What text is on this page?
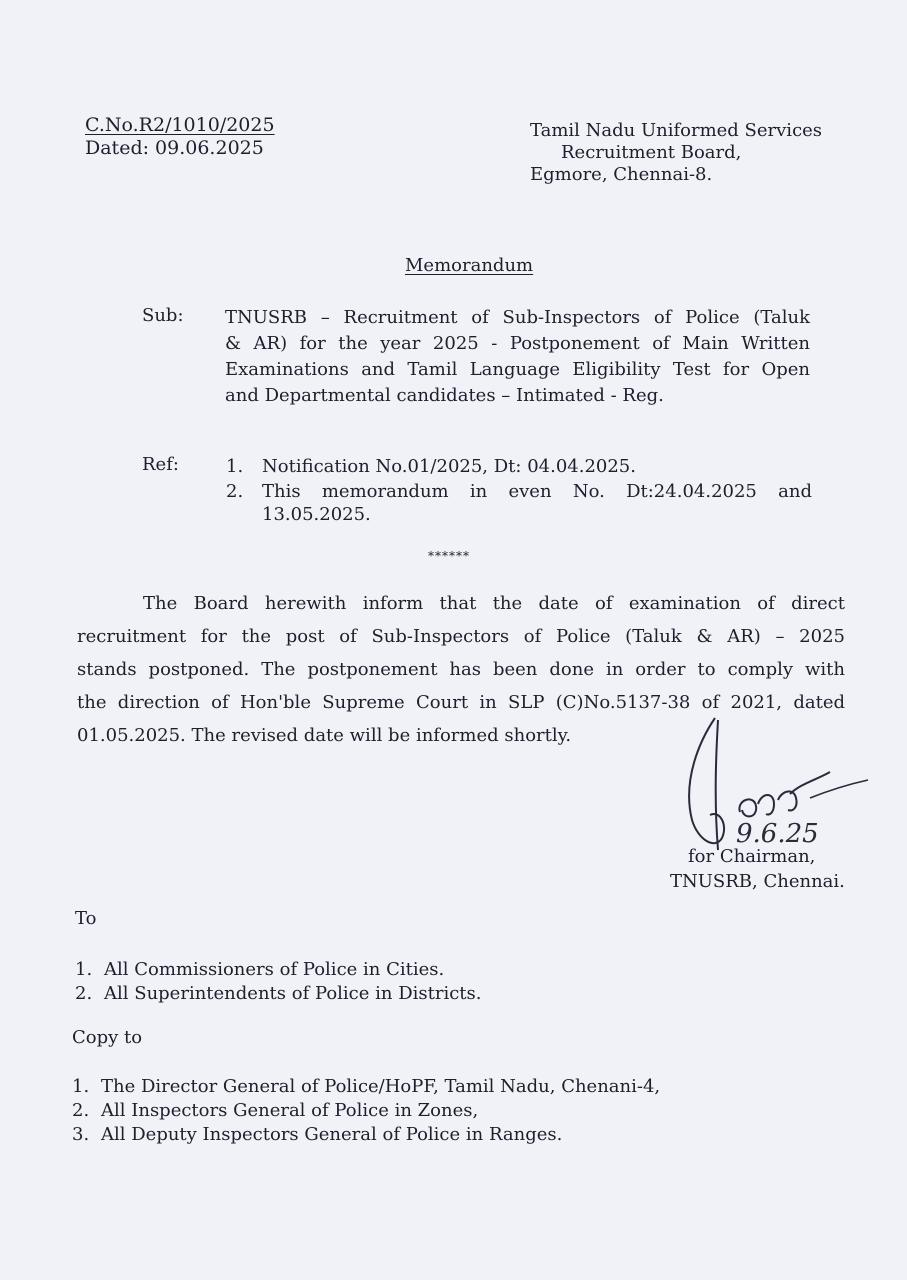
C.No.R2/1010/2025
Dated: 09.06.2025
Tamil Nadu Uniformed Services
Recruitment Board,
Egmore, Chennai-8.
Memorandum
Sub: TNUSRB – Recruitment of Sub-Inspectors of Police (Taluk
& AR) for the year 2025 - Postponement of Main Written
Examinations and Tamil Language Eligibility Test for Open
and Departmental candidates – Intimated - Reg.
Ref:	1. Notification No.01/2025, Dt: 04.04.2025.
2. This memorandum in even No. Dt:24.04.2025 and
13.05.2025.
******
The Board herewith inform that the date of examination of direct
recruitment for the post of Sub-Inspectors of Police (Taluk & AR) – 2025
stands postponed. The postponement has been done in order to comply with
the direction of Hon'ble Supreme Court in SLP (C)No.5137-38 of 2021, dated
01.05.2025. The revised date will be informed shortly.
9.6.25
for Chairman,
TNUSRB, Chennai.
To
1. All Commissioners of Police in Cities.
2. All Superintendents of Police in Districts.
Copy to
1. The Director General of Police/HoPF, Tamil Nadu, Chenani-4,
2. All Inspectors General of Police in Zones,
3. All Deputy Inspectors General of Police in Ranges.
